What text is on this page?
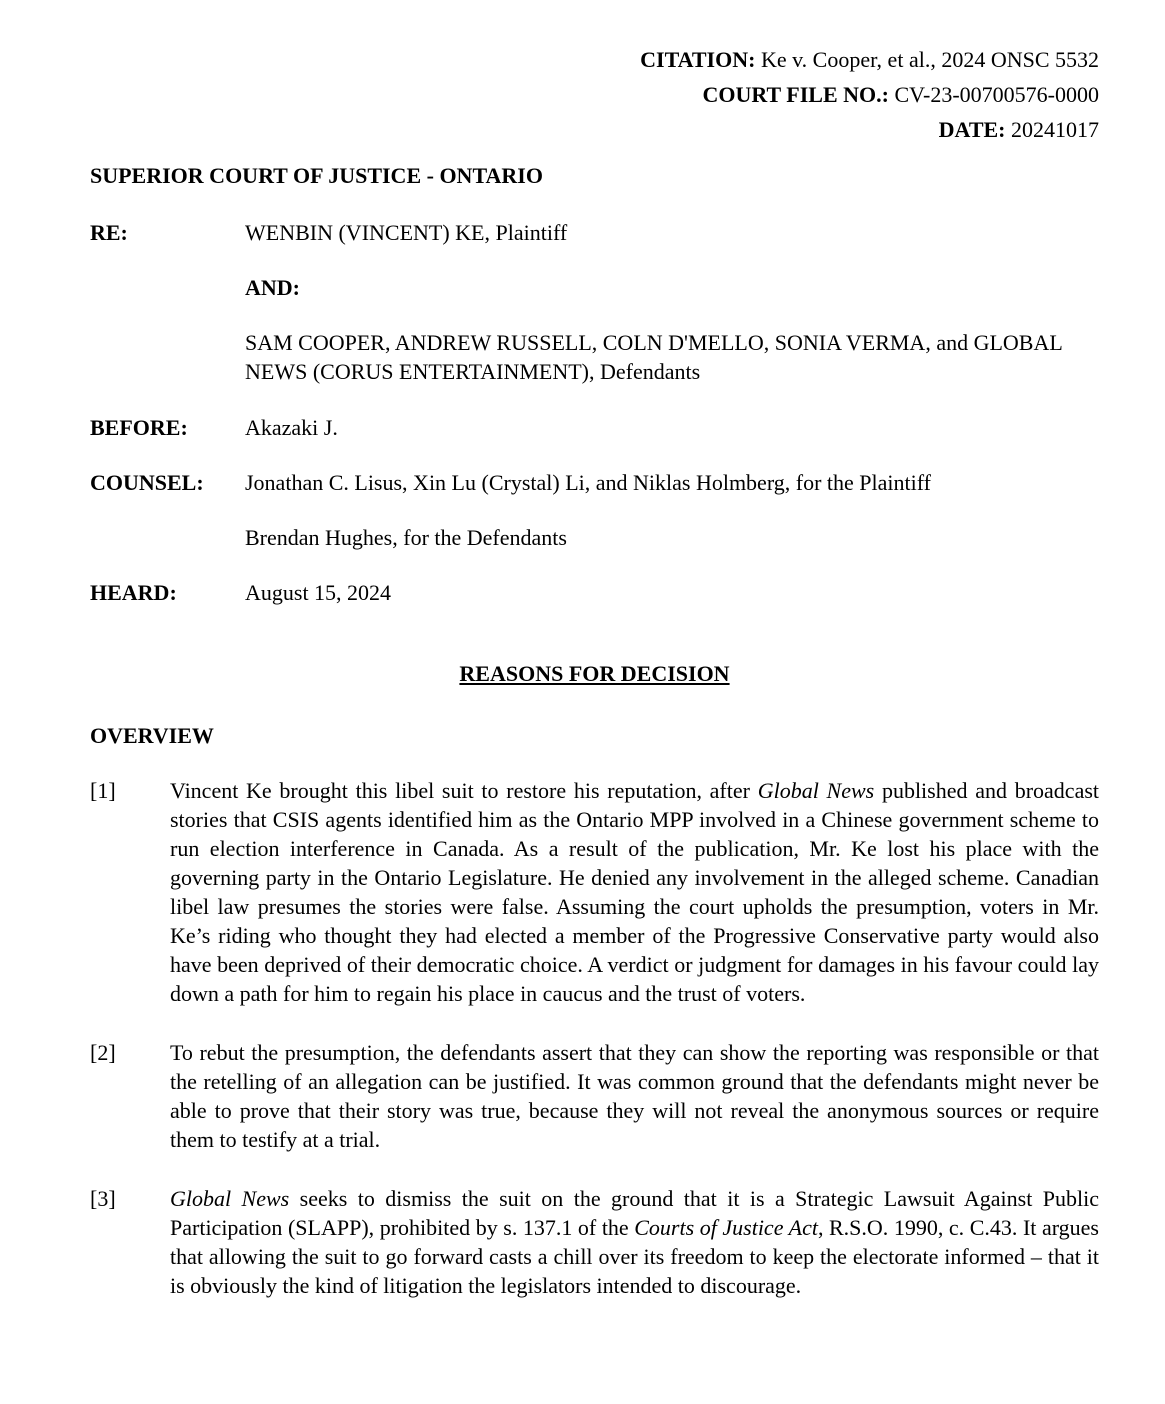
CITATION: Ke v. Cooper, et al., 2024 ONSC 5532
COURT FILE NO.: CV-23-00700576-0000
DATE: 20241017
SUPERIOR COURT OF JUSTICE - ONTARIO
RE:	WENBIN (VINCENT) KE, Plaintiff
AND:
SAM COOPER, ANDREW RUSSELL, COLN D'MELLO, SONIA VERMA, and GLOBAL NEWS (CORUS ENTERTAINMENT), Defendants
BEFORE:	Akazaki J.
COUNSEL:	Jonathan C. Lisus, Xin Lu (Crystal) Li, and Niklas Holmberg, for the Plaintiff
Brendan Hughes, for the Defendants
HEARD:	August 15, 2024
REASONS FOR DECISION
OVERVIEW
[1]	Vincent Ke brought this libel suit to restore his reputation, after Global News published and broadcast stories that CSIS agents identified him as the Ontario MPP involved in a Chinese government scheme to run election interference in Canada. As a result of the publication, Mr. Ke lost his place with the governing party in the Ontario Legislature. He denied any involvement in the alleged scheme. Canadian libel law presumes the stories were false. Assuming the court upholds the presumption, voters in Mr. Ke’s riding who thought they had elected a member of the Progressive Conservative party would also have been deprived of their democratic choice. A verdict or judgment for damages in his favour could lay down a path for him to regain his place in caucus and the trust of voters.

[2]	To rebut the presumption, the defendants assert that they can show the reporting was responsible or that the retelling of an allegation can be justified. It was common ground that the defendants might never be able to prove that their story was true, because they will not reveal the anonymous sources or require them to testify at a trial.

[3]	Global News seeks to dismiss the suit on the ground that it is a Strategic Lawsuit Against Public Participation (SLAPP), prohibited by s. 137.1 of the Courts of Justice Act, R.S.O. 1990, c. C.43. It argues that allowing the suit to go forward casts a chill over its freedom to keep the electorate informed – that it is obviously the kind of litigation the legislators intended to discourage.
